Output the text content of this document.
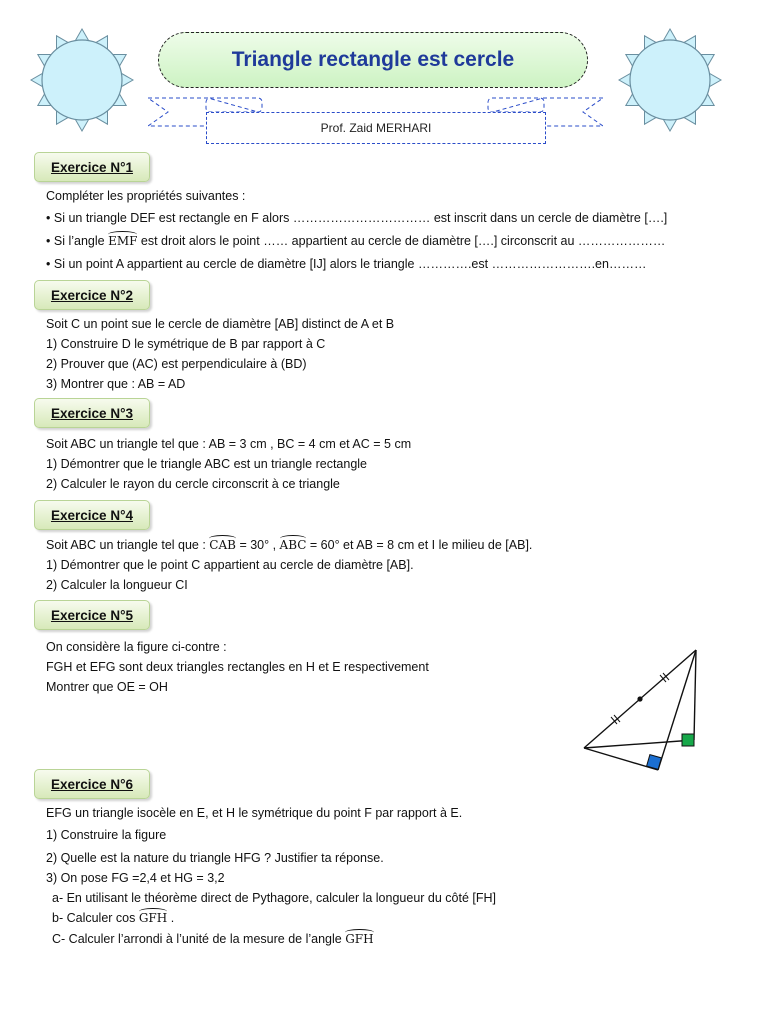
Triangle rectangle est cercle
Prof. Zaid MERHARI
Exercice N°1
Compléter les propriétés suivantes :
• Si un triangle DEF est rectangle en F alors …………………………… est inscrit dans un cercle de diamètre [….]
• Si l’angle EMF est droit alors le point …… appartient au cercle de diamètre [….] circonscrit au …………………
• Si un point A appartient au cercle de diamètre [IJ] alors le triangle ………….est …………………….en………
Exercice N°2
Soit C un point sue le cercle de diamètre [AB] distinct de A et B
1) Construire D le symétrique de B par rapport à C
2) Prouver que (AC) est perpendiculaire à (BD)
3) Montrer que : AB = AD
Exercice N°3
Soit ABC un triangle tel que : AB = 3 cm , BC = 4 cm et AC = 5 cm
1) Démontrer que le triangle ABC est un triangle rectangle
2) Calculer le rayon du cercle circonscrit à ce triangle
Exercice N°4
Soit ABC un triangle tel que : CAB = 30° , ABC = 60° et AB = 8 cm et I le milieu de [AB].
1) Démontrer que le point C appartient au cercle de diamètre [AB].
2) Calculer la longueur CI
Exercice N°5
On considère la figure ci-contre :
FGH et EFG sont deux triangles rectangles en H et E respectivement
Montrer que OE = OH
Exercice N°6
EFG un triangle isocèle en E, et H le symétrique du point F par rapport à E.
1) Construire la figure
2) Quelle est la nature du triangle HFG ? Justifier ta réponse.
3) On pose FG =2,4 et HG = 3,2
a- En utilisant le théorème direct de Pythagore, calculer la longueur du côté [FH]
b- Calculer cos GFH .
C- Calculer l’arrondi à l’unité de la mesure de l’angle GFH
